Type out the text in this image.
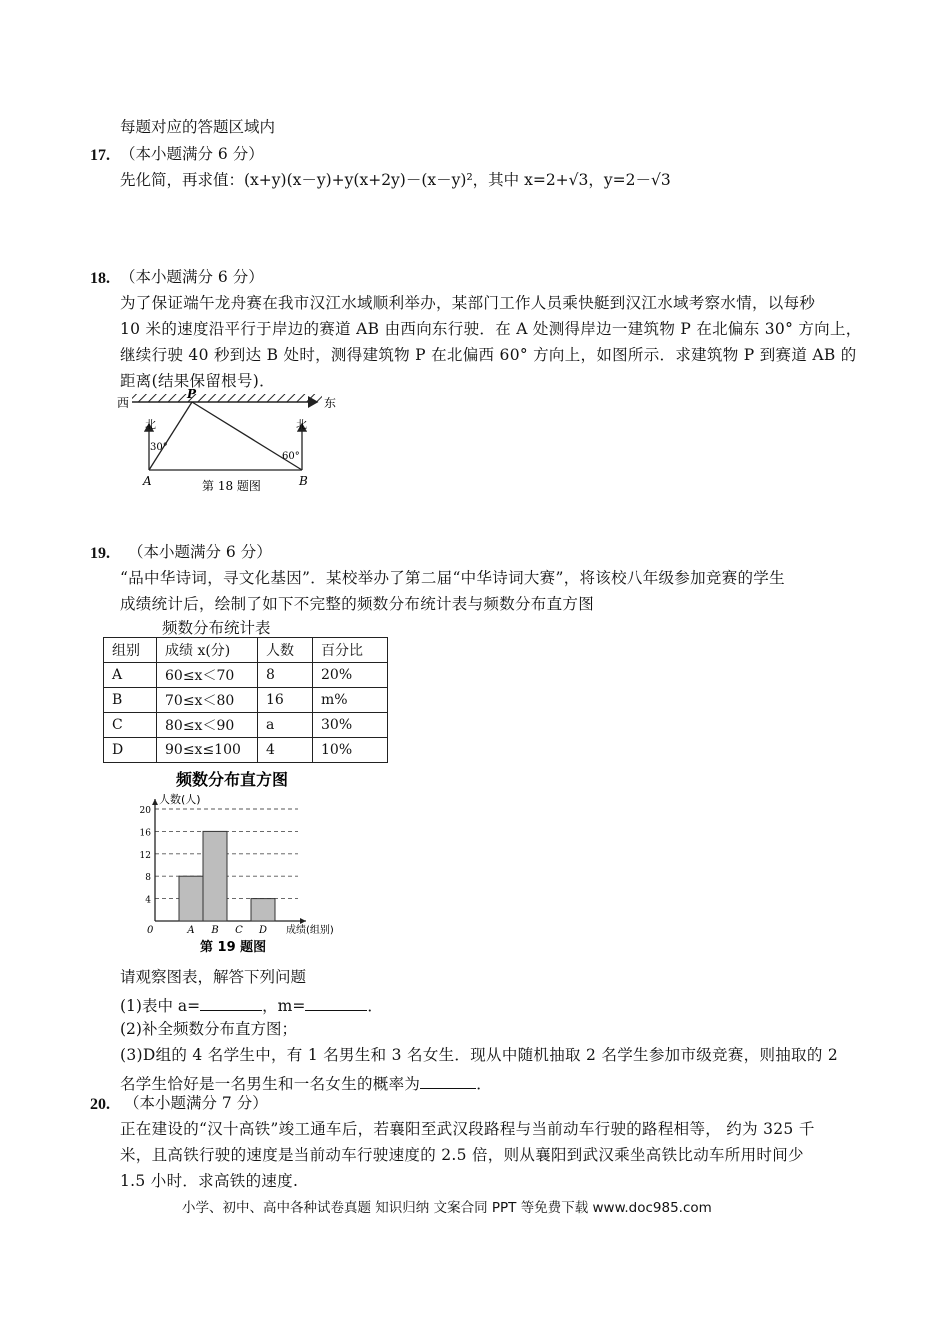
每题对应的答题区域内
17. （本小题满分 6 分）
先化简，再求值：(x+y)(x－y)+y(x+2y)－(x－y)²，其中 x=2+√3，y=2－√3
18. （本小题满分 6 分）
为了保证端午龙舟赛在我市汉江水域顺利举办，某部门工作人员乘快艇到汉江水域考察水情，以每秒
10 米的速度沿平行于岸边的赛道 AB 由西向东行驶．在 A 处测得岸边一建筑物 P 在北偏东 30° 方向上，
继续行驶 40 秒到达 B 处时，测得建筑物 P 在北偏西 60° 方向上，如图所示．求建筑物 P 到赛道 AB 的
距离(结果保留根号)．
西	东
P
北	北
30°
60°
A	B
第 18 题图
19. （本小题满分 6 分）
“品中华诗词，寻文化基因”．某校举办了第二届“中华诗词大赛”，将该校八年级参加竞赛的学生
成绩统计后，绘制了如下不完整的频数分布统计表与频数分布直方图
频数分布统计表
组别	成绩 x(分)	人数	百分比
A	60≤x＜70	8	20%
B	70≤x＜80	16	m%
C	80≤x＜90	a	30%
D	90≤x≤100	4	10%
频数分布直方图
4
8
12
16
20
A B C D
人数(人)
成绩(组别)
0
第 19 题图
请观察图表，解答下列问题
(1)表中 a=	，m=	．
(2)补全频数分布直方图；
(3)D组的 4 名学生中，有 1 名男生和 3 名女生．现从中随机抽取 2 名学生参加市级竞赛，则抽取的 2
名学生恰好是一名男生和一名女生的概率为	．
20. （本小题满分 7 分）
正在建设的“汉十高铁”竣工通车后，若襄阳至武汉段路程与当前动车行驶的路程相等， 约为 325 千
米，且高铁行驶的速度是当前动车行驶速度的 2.5 倍，则从襄阳到武汉乘坐高铁比动车所用时间少
1.5 小时．求高铁的速度.
小学、初中、高中各种试卷真题 知识归纳 文案合同 PPT 等免费下载 www.doc985.com
